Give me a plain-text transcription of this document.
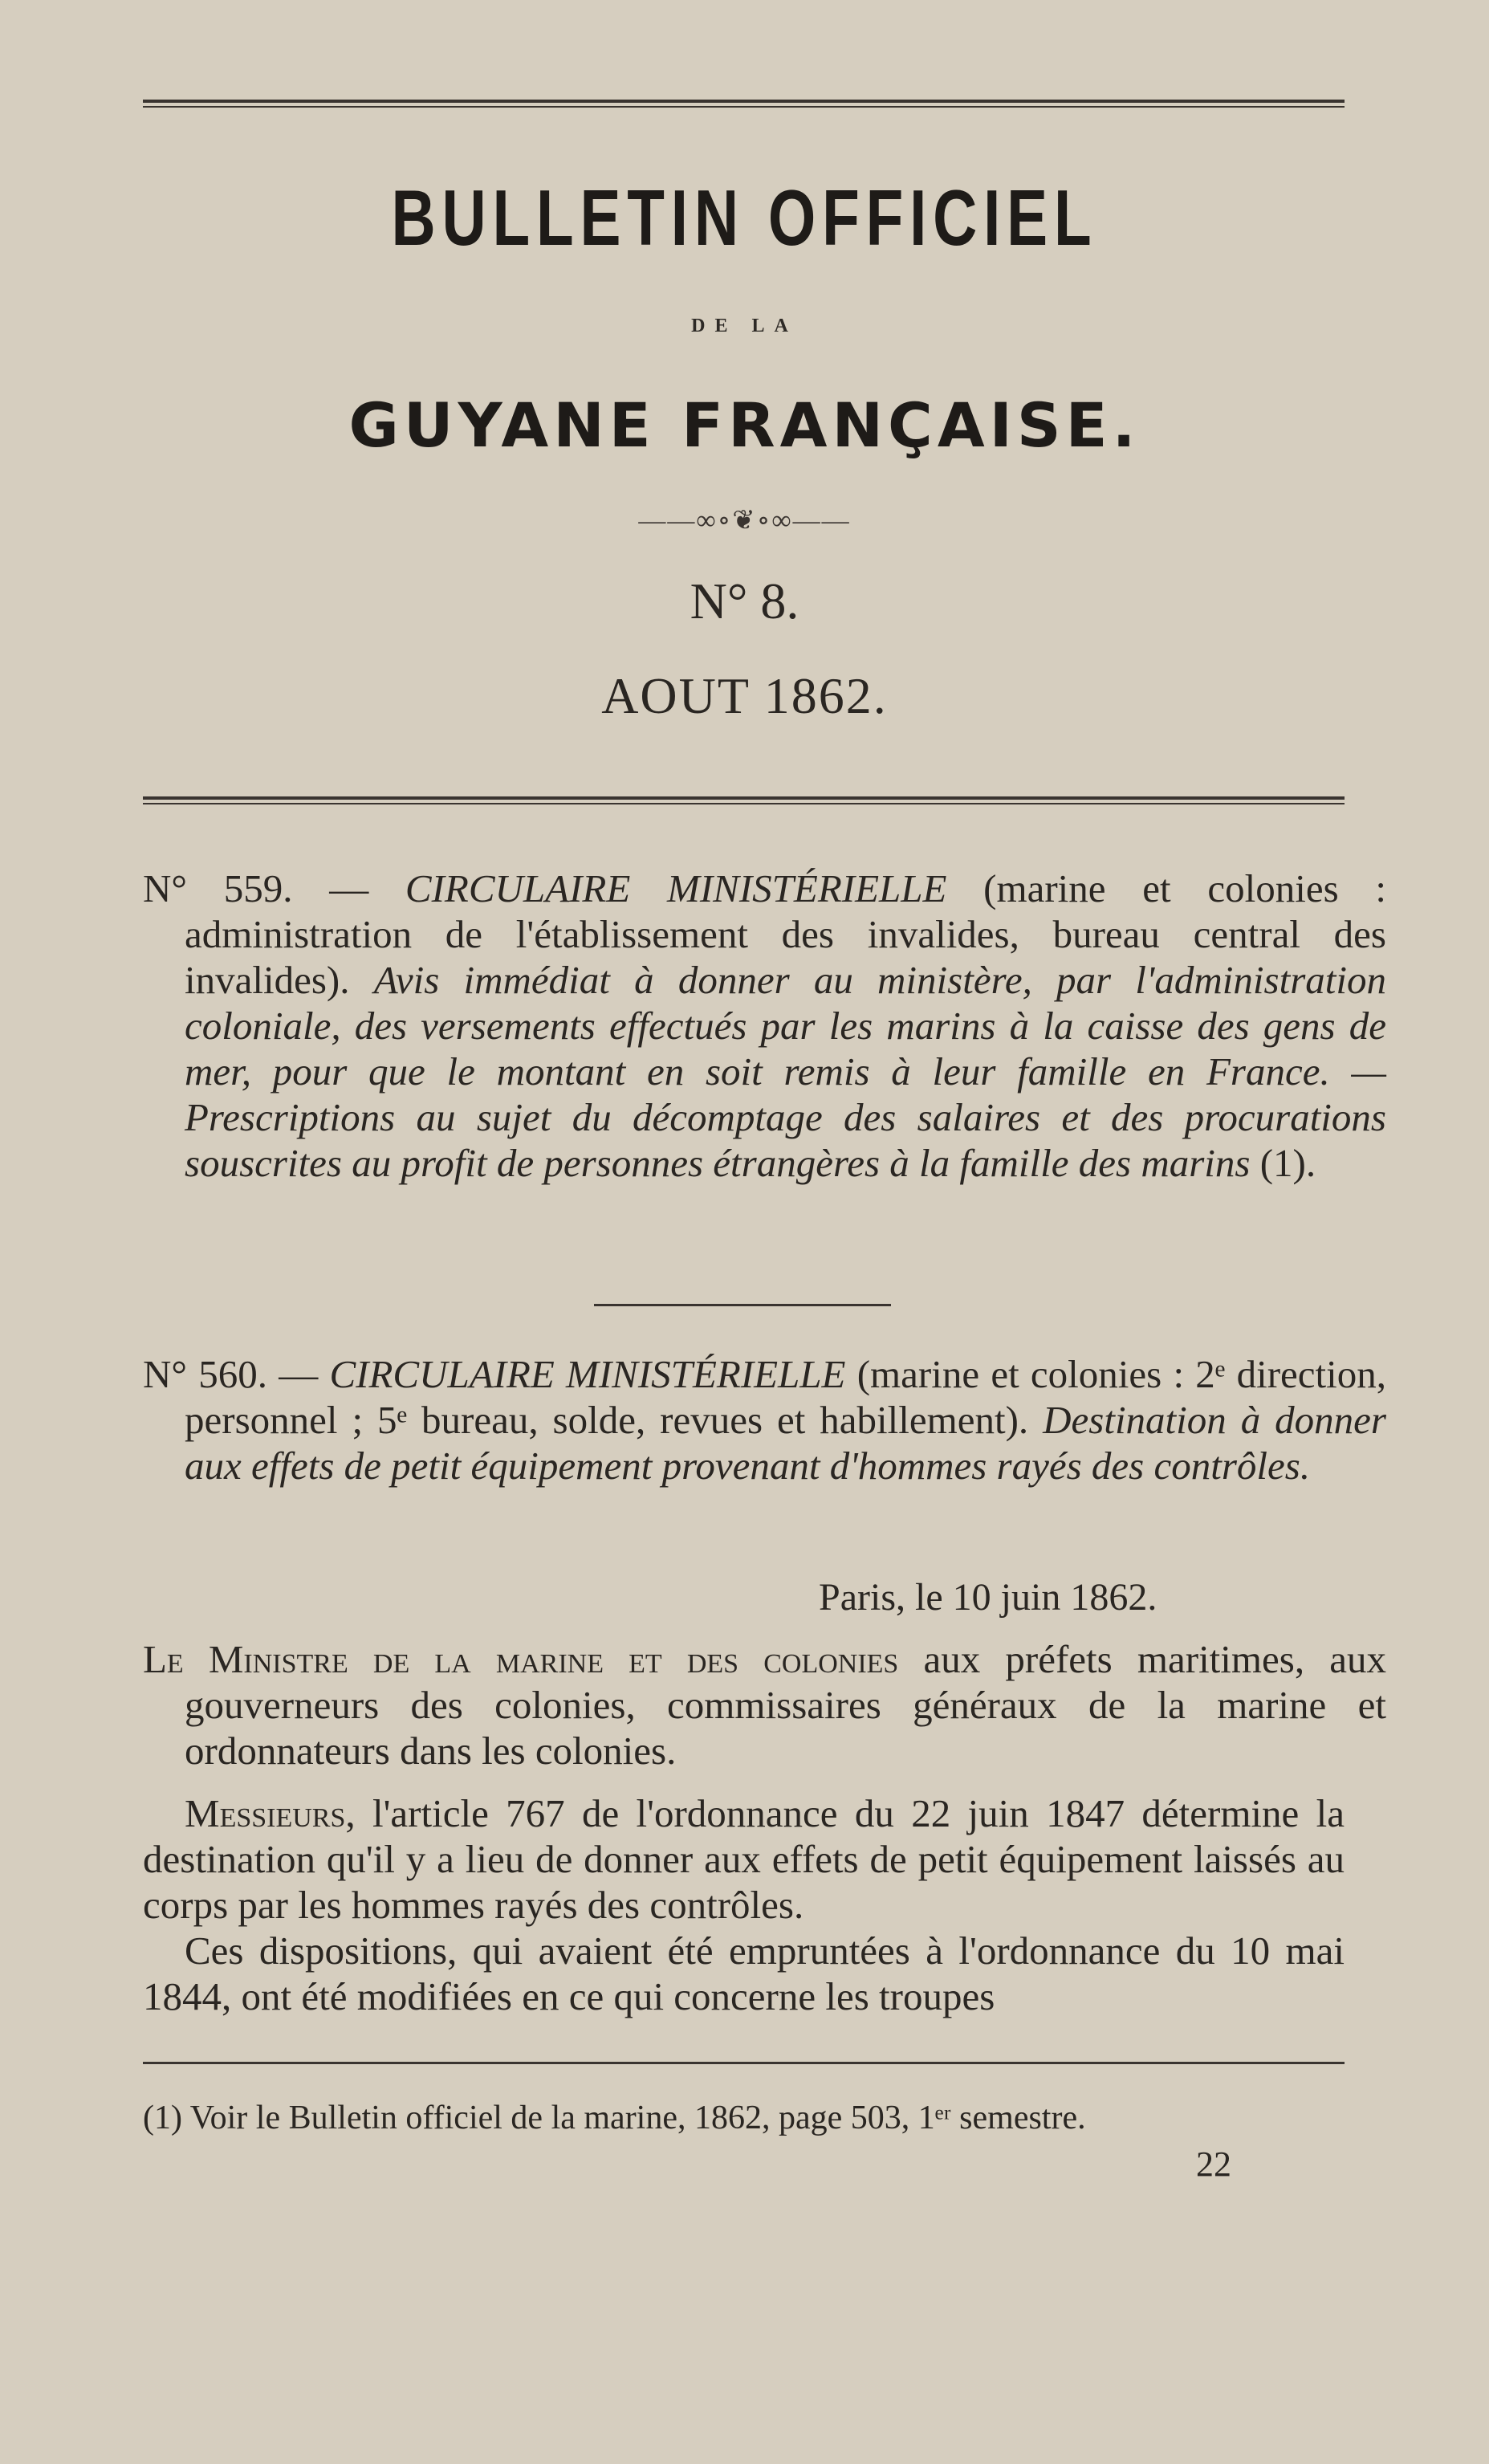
BULLETIN OFFICIEL
DE LA
GUYANE FRANÇAISE.
——∞∘❦∘∞——
N° 8.
AOUT 1862.
N° 559. — CIRCULAIRE MINISTÉRIELLE (marine et colonies : administration de l'établissement des invalides, bureau central des invalides). Avis immédiat à donner au ministère, par l'administration coloniale, des versements effectués par les marins à la caisse des gens de mer, pour que le montant en soit remis à leur famille en France. — Prescriptions au sujet du décomptage des salaires et des procurations souscrites au profit de personnes étrangères à la famille des marins (1).
N° 560. — CIRCULAIRE MINISTÉRIELLE (marine et colonies : 2ᵉ direction, personnel ; 5ᵉ bureau, solde, revues et habillement). Destination à donner aux effets de petit équipement provenant d'hommes rayés des contrôles.
Paris, le 10 juin 1862.
Le Ministre de la marine et des colonies aux préfets maritimes, aux gouverneurs des colonies, commissaires généraux de la marine et ordonnateurs dans les colonies.
Messieurs, l'article 767 de l'ordonnance du 22 juin 1847 détermine la destination qu'il y a lieu de donner aux effets de petit équipement laissés au corps par les hommes rayés des contrôles.
Ces dispositions, qui avaient été empruntées à l'ordonnance du 10 mai 1844, ont été modifiées en ce qui concerne les troupes
(1) Voir le Bulletin officiel de la marine, 1862, page 503, 1ᵉʳ semestre.
22
